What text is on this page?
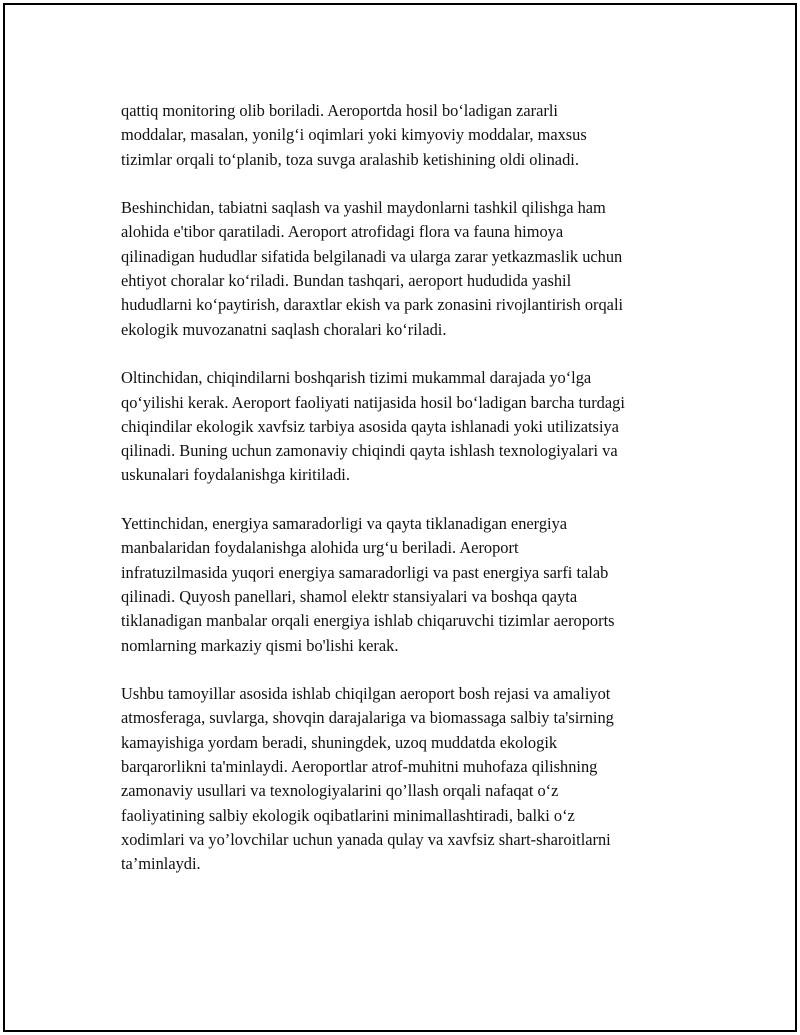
qattiq monitoring olib boriladi. Aeroportda hosil bo‘ladigan zararli
moddalar, masalan, yonilg‘i oqimlari yoki kimyoviy moddalar, maxsus
tizimlar orqali to‘planib, toza suvga aralashib ketishining oldi olinadi.

Beshinchidan, tabiatni saqlash va yashil maydonlarni tashkil qilishga ham
alohida e'tibor qaratiladi. Aeroport atrofidagi flora va fauna himoya
qilinadigan hududlar sifatida belgilanadi va ularga zarar yetkazmaslik uchun
ehtiyot choralar ko‘riladi. Bundan tashqari, aeroport hududida yashil
hududlarni ko‘paytirish, daraxtlar ekish va park zonasini rivojlantirish orqali
ekologik muvozanatni saqlash choralari ko‘riladi.

Oltinchidan, chiqindilarni boshqarish tizimi mukammal darajada yo‘lga
qo‘yilishi kerak. Aeroport faoliyati natijasida hosil bo‘ladigan barcha turdagi
chiqindilar ekologik xavfsiz tarbiya asosida qayta ishlanadi yoki utilizatsiya
qilinadi. Buning uchun zamonaviy chiqindi qayta ishlash texnologiyalari va
uskunalari foydalanishga kiritiladi.

Yettinchidan, energiya samaradorligi va qayta tiklanadigan energiya
manbalaridan foydalanishga alohida urg‘u beriladi. Aeroport
infratuzilmasida yuqori energiya samaradorligi va past energiya sarfi talab
qilinadi. Quyosh panellari, shamol elektr stansiyalari va boshqa qayta
tiklanadigan manbalar orqali energiya ishlab chiqaruvchi tizimlar aeroports
nomlarning markaziy qismi bo'lishi kerak.

Ushbu tamoyillar asosida ishlab chiqilgan aeroport bosh rejasi va amaliyot
atmosferaga, suvlarga, shovqin darajalariga va biomassaga salbiy ta'sirning
kamayishiga yordam beradi, shuningdek, uzoq muddatda ekologik
barqarorlikni ta'minlaydi. Aeroportlar atrof-muhitni muhofaza qilishning
zamonaviy usullari va texnologiyalarini qo’llash orqali nafaqat o‘z
faoliyatining salbiy ekologik oqibatlarini minimallashtiradi, balki o‘z
xodimlari va yo’lovchilar uchun yanada qulay va xavfsiz shart-sharoitlarni
ta’minlaydi.
